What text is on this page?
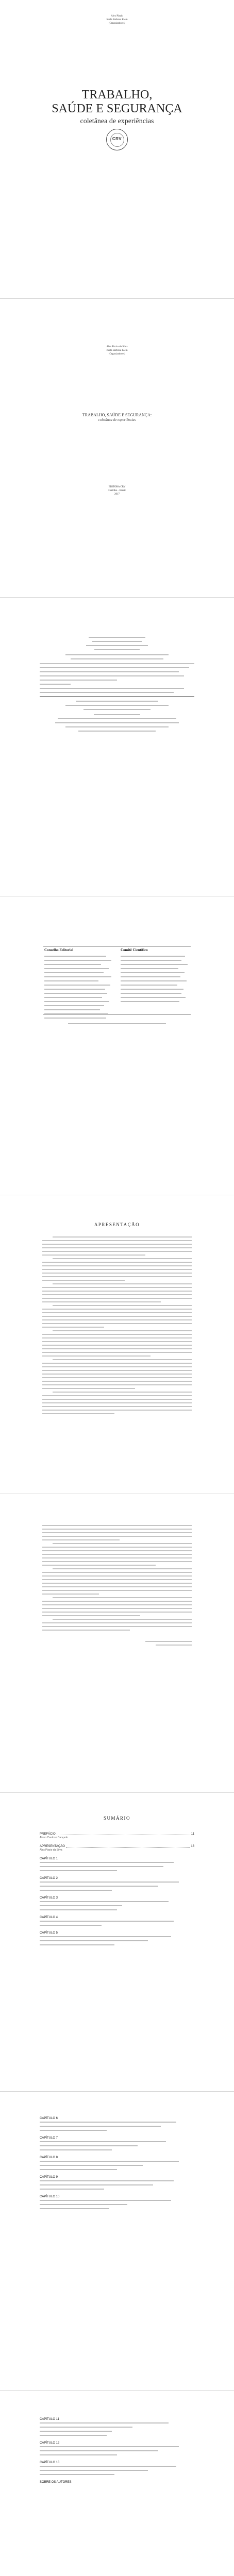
Alex Pizzio
Karla Barbosa Klein
(Organizadores)
TRABALHO,
SAÚDE E SEGURANÇA
coletânea de experiências
CRV
Alex Pizzio da Silva
Karla Barbosa Klein
(Organizadores)
TRABALHO, SAÚDE E SEGURANÇA:
coletânea de experiências
EDITORA CRV
Curitiba – Brasil
2017
Conselho Editorial	Comitê Científico
APRESENTAÇÃO
SUMÁRIO
PREFÁCIO	11
Airton Cardoso Cançado
APRESENTAÇÃO	13
Alex Pizzio da Silva
CAPÍTULO 1
CAPÍTULO 2
CAPÍTULO 3
CAPÍTULO 4
CAPÍTULO 5
CAPÍTULO 6
CAPÍTULO 7
CAPÍTULO 8
CAPÍTULO 9
CAPÍTULO 10
CAPÍTULO 11
CAPÍTULO 12
CAPÍTULO 13
SOBRE OS AUTORES
